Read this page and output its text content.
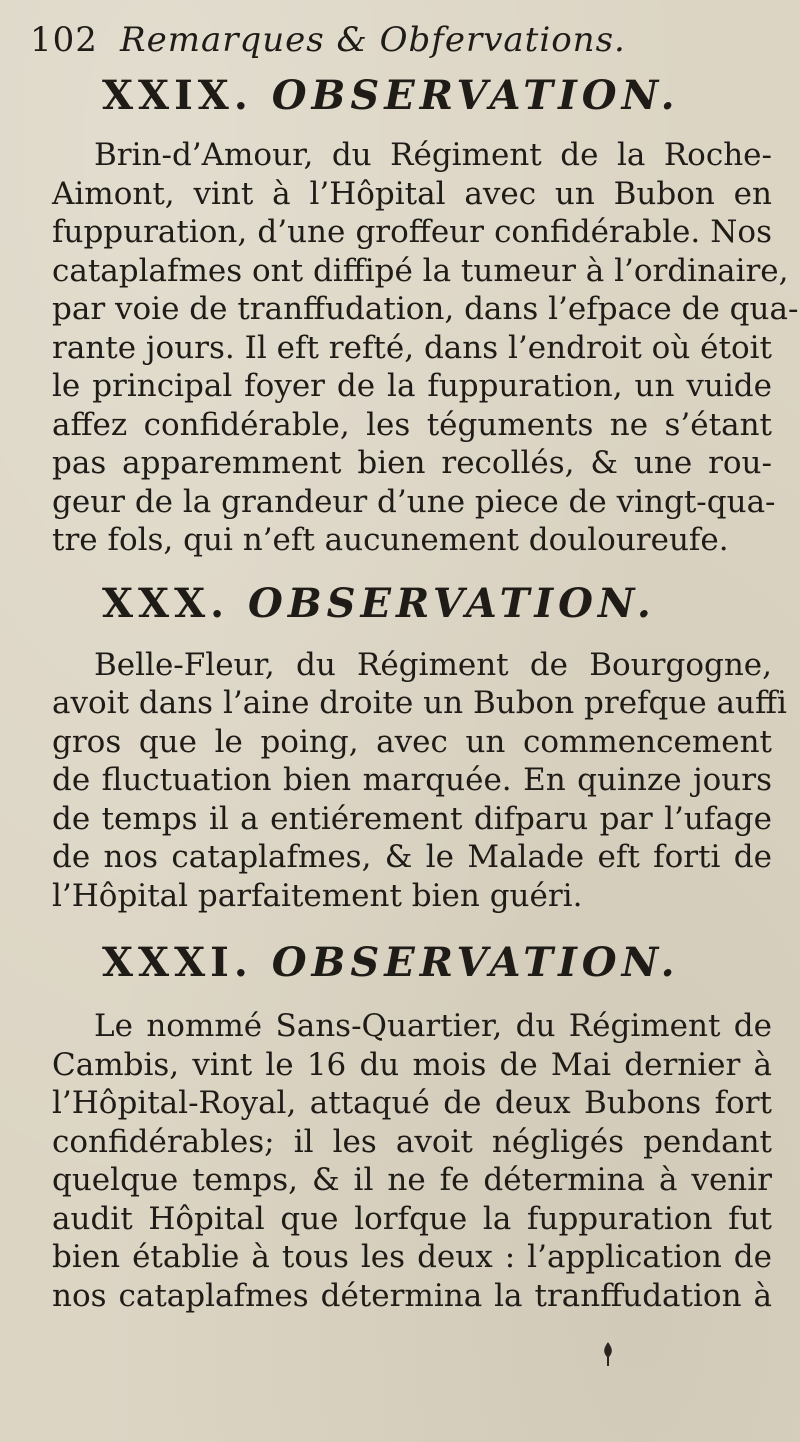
102 Remarques & Obfervations.
XXIX. OBSERVATION.

Brin-d’Amour, du Régiment de la Roche-
Aimont, vint à l’Hôpital avec un Bubon en
fuppuration, d’une groffeur confidérable. Nos
cataplafmes ont diffipé la tumeur à l’ordinaire,
par voie de tranffudation, dans l’efpace de qua-
rante jours. Il eft refté, dans l’endroit où étoit
le principal foyer de la fuppuration, un vuide
affez confidérable, les téguments ne s’étant
pas apparemment bien recollés, & une rou-
geur de la grandeur d’une piece de vingt-qua-
tre fols, qui n’eft aucunement douloureufe.

XXX. OBSERVATION.

Belle-Fleur, du Régiment de Bourgogne,
avoit dans l’aine droite un Bubon prefque auffi
gros que le poing, avec un commencement
de fluctuation bien marquée. En quinze jours
de temps il a entiérement difparu par l’ufage
de nos cataplafmes, & le Malade eft forti de
l’Hôpital parfaitement bien guéri.

XXXI. OBSERVATION.

Le nommé Sans-Quartier, du Régiment de
Cambis, vint le 16 du mois de Mai dernier à
l’Hôpital-Royal, attaqué de deux Bubons fort
confidérables; il les avoit négligés pendant
quelque temps, & il ne fe détermina à venir
audit Hôpital que lorfque la fuppuration fut
bien établie à tous les deux : l’application de
nos cataplafmes détermina la tranffudation à
